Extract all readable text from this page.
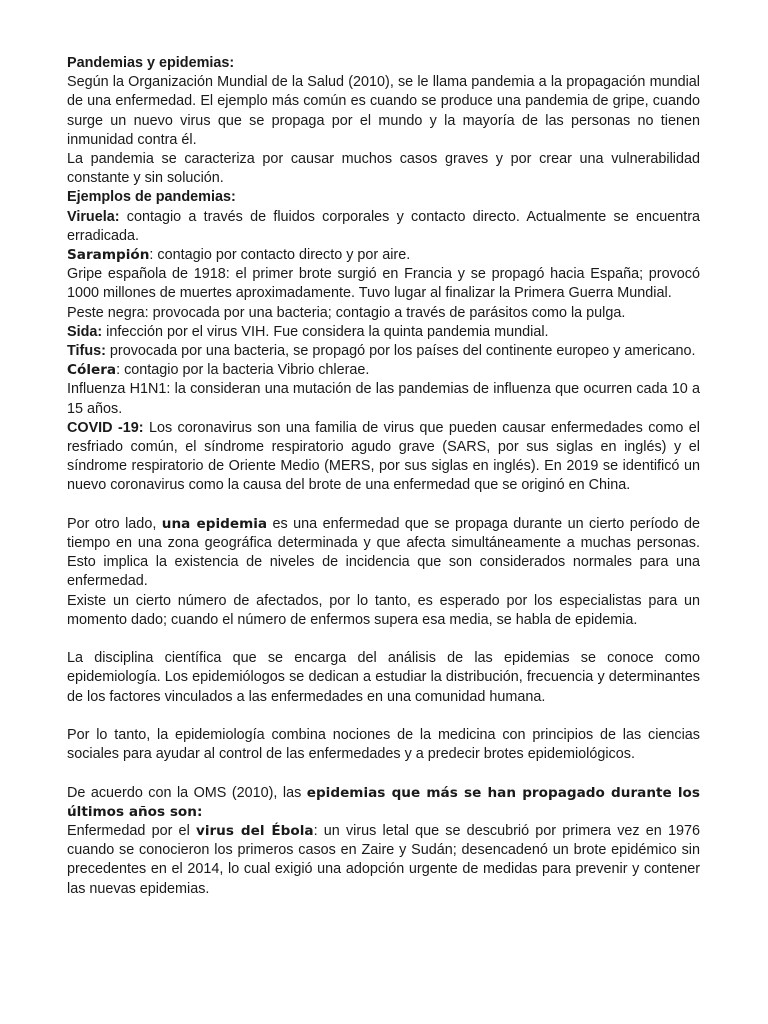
Pandemias y epidemias:

Según la Organización Mundial de la Salud (2010), se le llama pandemia a la propagación mundial de una enfermedad. El ejemplo más común es cuando se produce una pandemia de gripe, cuando surge un nuevo virus que se propaga por el mundo y la mayoría de las personas no tienen inmunidad contra él.

La pandemia se caracteriza por causar muchos casos graves y por crear una vulnerabilidad constante y sin solución.

Ejemplos de pandemias:

Viruela: contagio a través de fluidos corporales y contacto directo. Actualmente se encuentra erradicada.

Sarampión: contagio por contacto directo y por aire.

Gripe española de 1918: el primer brote surgió en Francia y se propagó hacia España; provocó 1000 millones de muertes aproximadamente. Tuvo lugar al finalizar la Primera Guerra Mundial.

Peste negra: provocada por una bacteria; contagio a través de parásitos como la pulga.

Sida: infección por el virus VIH. Fue considera la quinta pandemia mundial.

Tifus: provocada por una bacteria, se propagó por los países del continente europeo y americano.

Cólera: contagio por la bacteria Vibrio chlerae.

Influenza H1N1: la consideran una mutación de las pandemias de influenza que ocurren cada 10 a 15 años.

COVID -19: Los coronavirus son una familia de virus que pueden causar enfermedades como el resfriado común, el síndrome respiratorio agudo grave (SARS, por sus siglas en inglés) y el síndrome respiratorio de Oriente Medio (MERS, por sus siglas en inglés). En 2019 se identificó un nuevo coronavirus como la causa del brote de una enfermedad que se originó en China.

Por otro lado, una epidemia es una enfermedad que se propaga durante un cierto período de tiempo en una zona geográfica determinada y que afecta simultáneamente a muchas personas. Esto implica la existencia de niveles de incidencia que son considerados normales para una enfermedad.

Existe un cierto número de afectados, por lo tanto, es esperado por los especialistas para un momento dado; cuando el número de enfermos supera esa media, se habla de epidemia.

La disciplina científica que se encarga del análisis de las epidemias se conoce como epidemiología. Los epidemiólogos se dedican a estudiar la distribución, frecuencia y determinantes de los factores vinculados a las enfermedades en una comunidad humana.

Por lo tanto, la epidemiología combina nociones de la medicina con principios de las ciencias sociales para ayudar al control de las enfermedades y a predecir brotes epidemiológicos.

De acuerdo con la OMS (2010), las epidemias que más se han propagado durante los últimos años son:

Enfermedad por el virus del Ébola: un virus letal que se descubrió por primera vez en 1976 cuando se conocieron los primeros casos en Zaire y Sudán; desencadenó un brote epidémico sin precedentes en el 2014, lo cual exigió una adopción urgente de medidas para prevenir y contener las nuevas epidemias.
